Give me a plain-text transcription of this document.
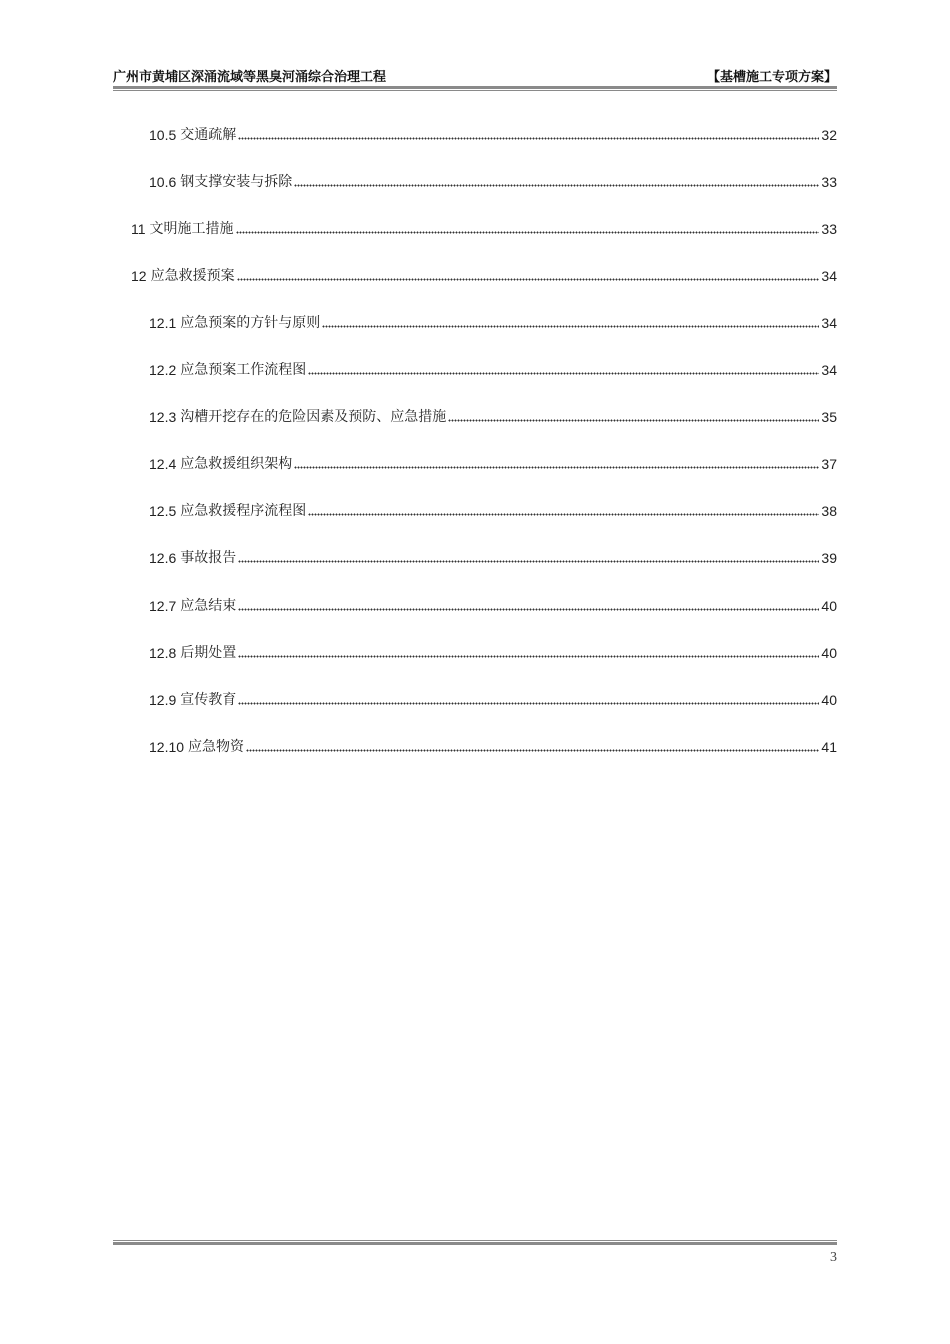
广州市黄埔区深涌流域等黑臭河涌综合治理工程	【基槽施工专项方案】
10.5 交通疏解	32
10.6 钢支撑安装与拆除	33
11 文明施工措施	33
12 应急救援预案	34
12.1 应急预案的方针与原则	34
12.2 应急预案工作流程图	34
12.3 沟槽开挖存在的危险因素及预防、应急措施	35
12.4 应急救援组织架构	37
12.5 应急救援程序流程图	38
12.6 事故报告	39
12.7 应急结束	40
12.8 后期处置	40
12.9 宣传教育	40
12.10 应急物资	41
3
